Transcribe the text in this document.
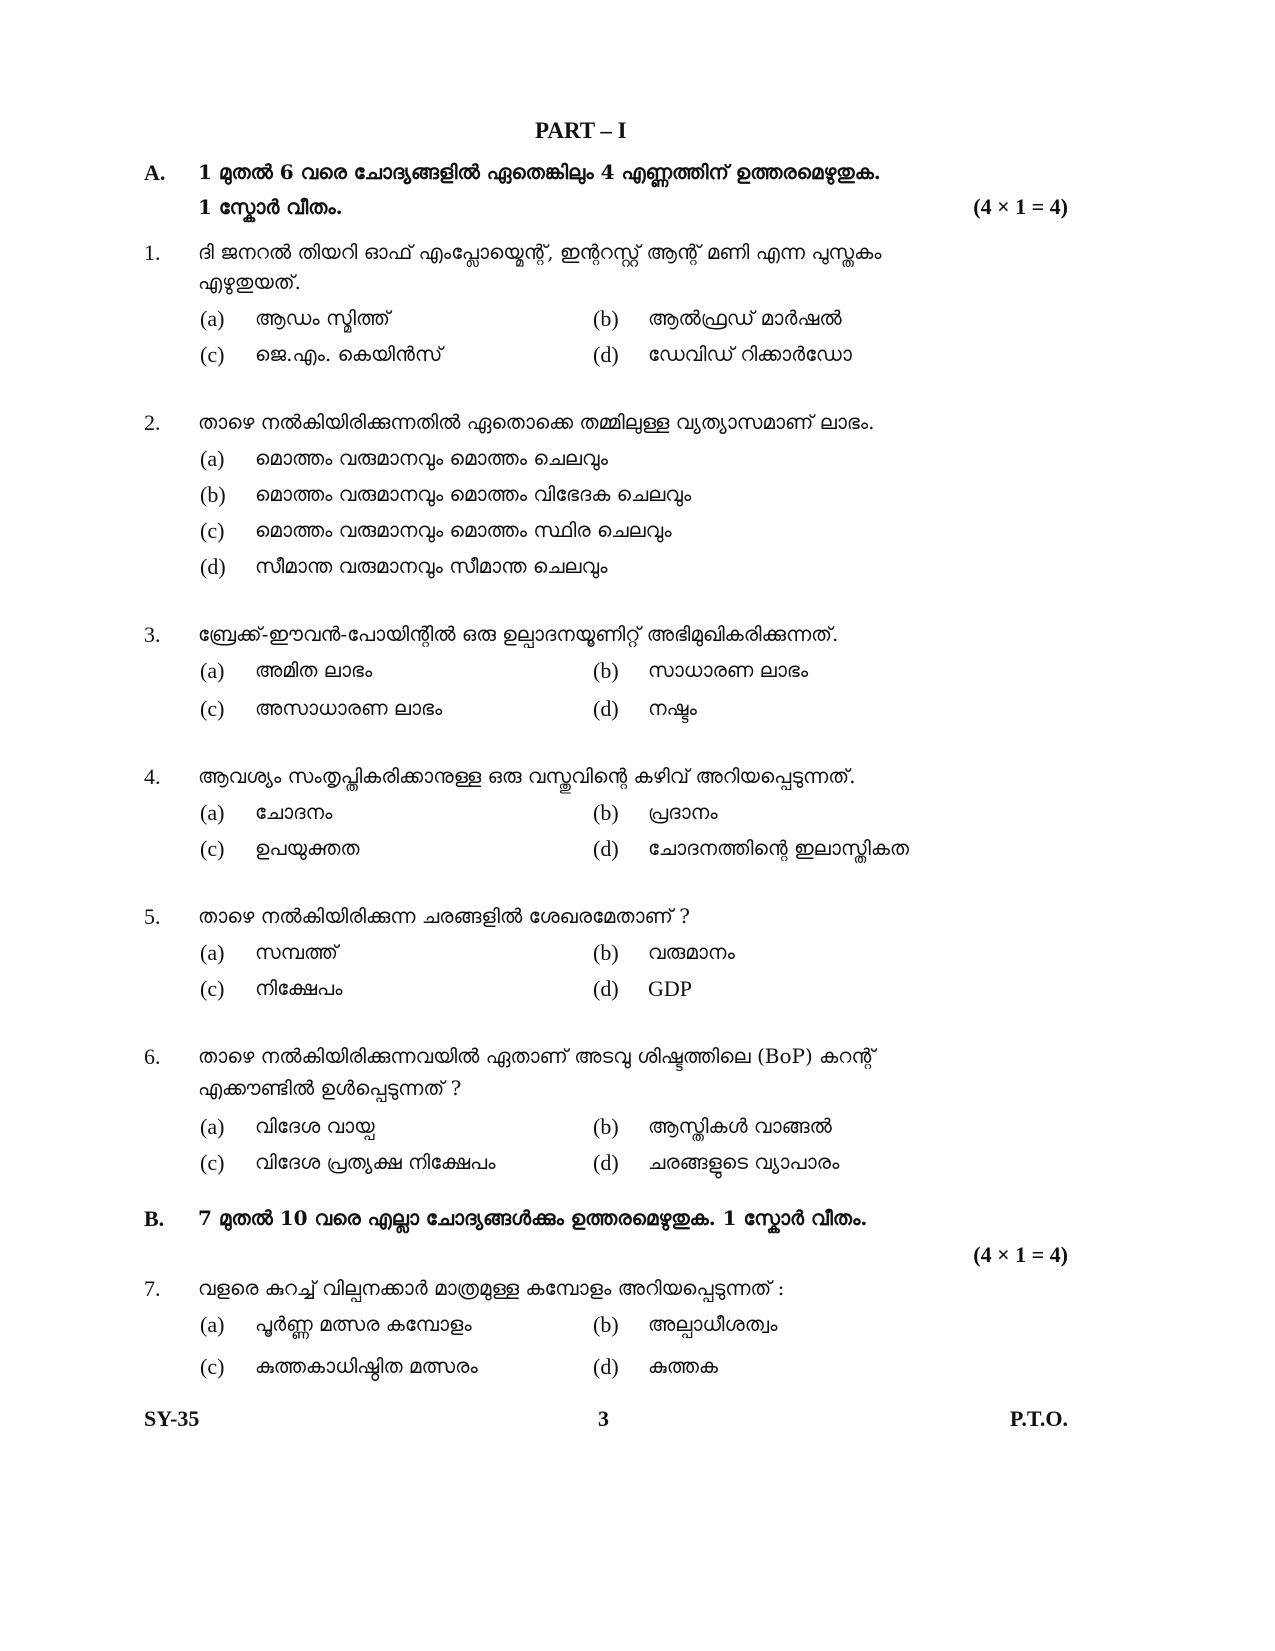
PART – I
A. 1 മുതൽ 6 വരെ ചോദ്യങ്ങളിൽ ഏതെങ്കിലും 4 എണ്ണത്തിന് ഉത്തരമെഴുതുക.
1 സ്കോർ വീതം.	(4 × 1 = 4)
1. ദി ജനറൽ തിയറി ഓഫ് എംപ്ലോയ്മെന്റ്, ഇന്ററസ്റ്റ് ആന്റ് മണി എന്ന പുസ്തകം
എഴുതുയത്.
(a) ആഡം സ്മിത്ത്	(b) ആൽഫ്രഡ് മാർഷൽ
(c) ജെ.എം. കെയിൻസ്	(d) ഡേവിഡ് റിക്കാർഡോ
2. താഴെ നൽകിയിരിക്കുന്നതിൽ ഏതൊക്കെ തമ്മിലുള്ള വ്യത്യാസമാണ് ലാഭം.
(a) മൊത്തം വരുമാനവും മൊത്തം ചെലവും
(b) മൊത്തം വരുമാനവും മൊത്തം വിഭേദക ചെലവും
(c) മൊത്തം വരുമാനവും മൊത്തം സ്ഥിര ചെലവും
(d) സീമാന്ത വരുമാനവും സീമാന്ത ചെലവും
3. ബ്രേക്ക്-ഈവൻ-പോയിന്റിൽ ഒരു ഉല്പാദനയൂണിറ്റ് അഭിമുഖികരിക്കുന്നത്.
(a) അമിത ലാഭം	(b) സാധാരണ ലാഭം
(c) അസാധാരണ ലാഭം	(d) നഷ്ടം
4. ആവശ്യം സംതൃപ്തികരിക്കാനുള്ള ഒരു വസ്തുവിന്റെ കഴിവ് അറിയപ്പെടുന്നത്.
(a) ചോദനം	(b) പ്രദാനം
(c) ഉപയുക്തത	(d) ചോദനത്തിന്റെ ഇലാസ്തികത
5. താഴെ നൽകിയിരിക്കുന്ന ചരങ്ങളിൽ ശേഖരമേതാണ് ?
(a) സമ്പത്ത്	(b) വരുമാനം
(c) നിക്ഷേപം	(d) GDP
6. താഴെ നൽകിയിരിക്കുന്നവയിൽ ഏതാണ് അടവു ശിഷ്ടത്തിലെ (BoP) കറന്റ്
എക്കൗണ്ടിൽ ഉൾപ്പെടുന്നത് ?
(a) വിദേശ വായ്പ	(b) ആസ്തികൾ വാങ്ങൽ
(c) വിദേശ പ്രത്യക്ഷ നിക്ഷേപം	(d) ചരങ്ങളുടെ വ്യാപാരം
B. 7 മുതൽ 10 വരെ എല്ലാ ചോദ്യങ്ങൾക്കും ഉത്തരമെഴുതുക. 1 സ്കോർ വീതം.
(4 × 1 = 4)
7. വളരെ കുറച്ച് വില്പനക്കാർ മാത്രമുള്ള കമ്പോളം അറിയപ്പെടുന്നത് :
(a) പൂർണ്ണ മത്സര കമ്പോളം	(b) അല്പാധീശത്വം
(c) കുത്തകാധിഷ്ഠിത മത്സരം	(d) കുത്തക
SY-35	3	P.T.O.
